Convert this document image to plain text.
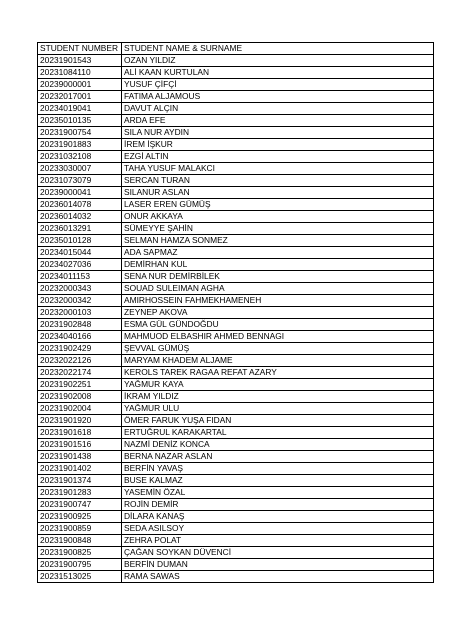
STUDENT NUMBER	STUDENT NAME & SURNAME
20231901543	OZAN YILDIZ
20231084110	ALİ KAAN KURTULAN
20239000001	YUSUF ÇİFÇİ
20232017001	FATIMA ALJAMOUS
20234019041	DAVUT ALÇIN
20235010135	ARDA EFE
20231900754	SILA NUR AYDIN
20231901883	İREM İŞKUR
20231032108	EZGİ ALTIN
20233030007	TAHA YUSUF MALAKCI
20231073079	SERCAN TURAN
20239000041	SILANUR ASLAN
20236014078	LASER EREN GÜMÜŞ
20236014032	ONUR AKKAYA
20236013291	SÜMEYYE ŞAHİN
20235010128	SELMAN HAMZA SONMEZ
20234015044	ADA SAPMAZ
20234027036	DEMİRHAN KUL
20234011153	SENA NUR DEMİRBİLEK
20232000343	SOUAD SULEIMAN AGHA
20232000342	AMIRHOSSEIN FAHMEKHAMENEH
20232000103	ZEYNEP AKOVA
20231902848	ESMA GÜL GÜNDOĞDU
20234040166	MAHMUOD ELBASHIR AHMED BENNAGI
20231902429	ŞEVVAL GÜMÜŞ
20232022126	MARYAM KHADEM ALJAME
20232022174	KEROLS TAREK RAGAA REFAT AZARY
20231902251	YAĞMUR KAYA
20231902008	İKRAM YILDIZ
20231902004	YAĞMUR ULU
20231901920	ÖMER FARUK YUŞA FIDAN
20231901618	ERTUĞRUL KARAKARTAL
20231901516	NAZMİ DENİZ KONCA
20231901438	BERNA NAZAR ASLAN
20231901402	BERFİN YAVAŞ
20231901374	BUSE KALMAZ
20231901283	YASEMİN ÖZAL
20231900747	ROJİN DEMİR
20231900925	DİLARA KANAŞ
20231900859	SEDA ASILSOY
20231900848	ZEHRA POLAT
20231900825	ÇAĞAN SOYKAN DÜVENCİ
20231900795	BERFİN DUMAN
20231513025	RAMA SAWAS
